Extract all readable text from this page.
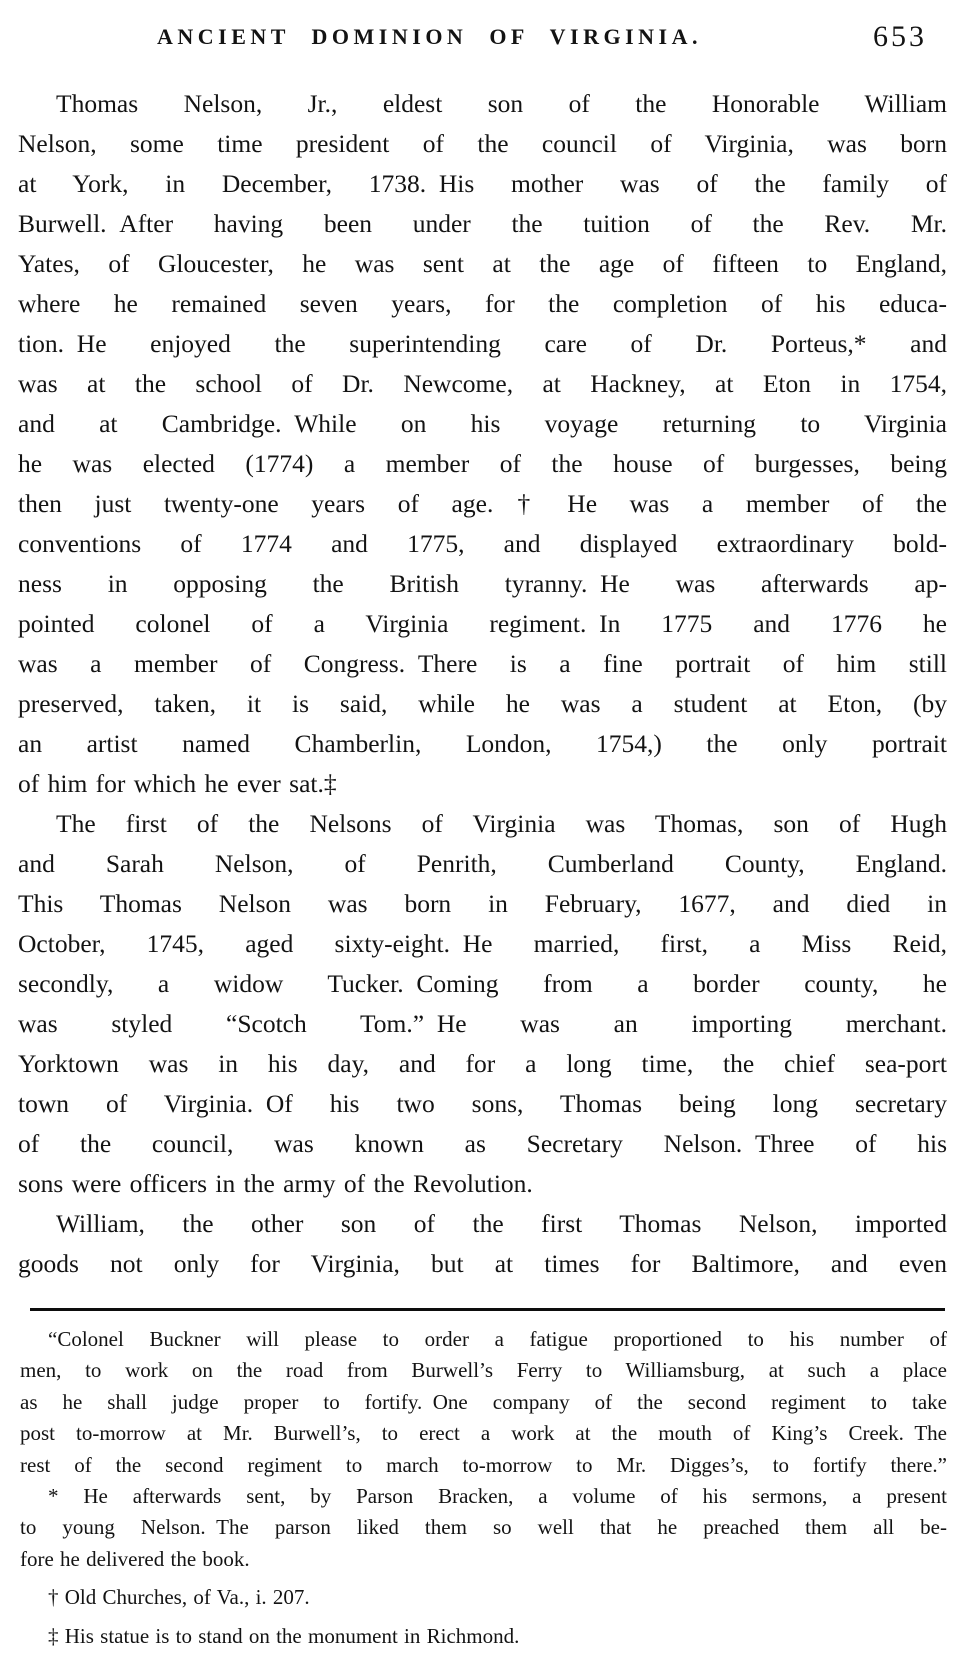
ANCIENT DOMINION OF VIRGINIA.	653
Thomas Nelson, Jr., eldest son of the Honorable William
Nelson, some time president of the council of Virginia, was born
at York, in December, 1738. His mother was of the family of
Burwell. After having been under the tuition of the Rev. Mr.
Yates, of Gloucester, he was sent at the age of fifteen to England,
where he remained seven years, for the completion of his educa-
tion. He enjoyed the superintending care of Dr. Porteus,* and
was at the school of Dr. Newcome, at Hackney, at Eton in 1754,
and at Cambridge. While on his voyage returning to Virginia
he was elected (1774) a member of the house of burgesses, being
then just twenty-one years of age.† He was a member of the
conventions of 1774 and 1775, and displayed extraordinary bold-
ness in opposing the British tyranny. He was afterwards ap-
pointed colonel of a Virginia regiment. In 1775 and 1776 he
was a member of Congress. There is a fine portrait of him still
preserved, taken, it is said, while he was a student at Eton, (by
an artist named Chamberlin, London, 1754,) the only portrait
of him for which he ever sat.‡
The first of the Nelsons of Virginia was Thomas, son of Hugh
and Sarah Nelson, of Penrith, Cumberland County, England.
This Thomas Nelson was born in February, 1677, and died in
October, 1745, aged sixty-eight. He married, first, a Miss Reid,
secondly, a widow Tucker. Coming from a border county, he
was styled “Scotch Tom.” He was an importing merchant.
Yorktown was in his day, and for a long time, the chief sea-port
town of Virginia. Of his two sons, Thomas being long secretary
of the council, was known as Secretary Nelson. Three of his
sons were officers in the army of the Revolution.
William, the other son of the first Thomas Nelson, imported
goods not only for Virginia, but at times for Baltimore, and even
“Colonel Buckner will please to order a fatigue proportioned to his number of
men, to work on the road from Burwell’s Ferry to Williamsburg, at such a place
as he shall judge proper to fortify. One company of the second regiment to take
post to-morrow at Mr. Burwell’s, to erect a work at the mouth of King’s Creek. The
rest of the second regiment to march to-morrow to Mr. Digges’s, to fortify there.”
* He afterwards sent, by Parson Bracken, a volume of his sermons, a present
to young Nelson. The parson liked them so well that he preached them all be-
fore he delivered the book.
† Old Churches, of Va., i. 207.
‡ His statue is to stand on the monument in Richmond.
